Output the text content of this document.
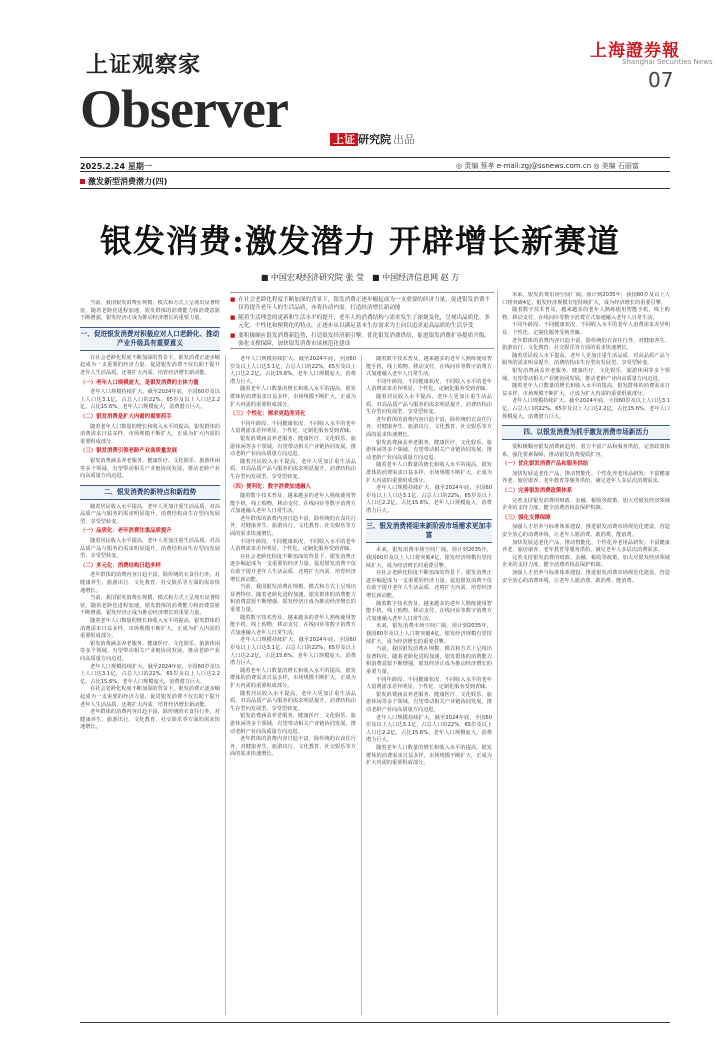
上证观察家
Observer
上证 研究院 出品
上海證券報
Shanghai Securities News
07
2025.2.24 星期一	◎ 责编 蔡孝 e-mail:zgj@ssnews.com.cn ◎ 美编 石丽富
激发新型消费潜力(四)
银发消费:激发潜力 开辟增长新赛道
■ 中国宏观经济研究院 张 莹　■ 中国经济信息网 赵 方
■ 在社会老龄化程度不断加深的背景下，银发消费正逐步崛起成为一支重要的经济力量，促进银发消费不仅将提升老年人的生活品质，亦将拉动内需，打造经济增长新动能
■ 随着生活理念的更新和生活水平的提升，老年人的消费结构与需求发生了深刻变化，呈现出品质化、多元化、个性化和便利化的特点，正逐步从以满足基本生存需求为主向以追求更高品质的生活享受
■ 要积极顺应银发消费新趋势，打造银发经济新引擎。优化银发消费供给，促进银发消费扩容提质升级。强化支撑保障，加快银发消费市场规范化建设

当前，我国银发消费在规模、模式和方式上呈现出显著特征。随着老龄化进程加速，银发群体的消费能力和消费意愿不断增强，银发经济正成为推动经济增长的重要力量。

一、促进银发消费对积极应对人口老龄化、推动产业升级具有重要意义

在社会老龄化程度不断加深的背景下，银发消费正逐步崛起成为一支重要的经济力量。促进银发消费不仅有助于提升老年人生活品质，还将扩大内需、培育经济增长新动能。

（一）老年人口规模庞大，是银发消费的主体力量

老年人口规模持续扩大。截至2024年底，全国60岁及以上人口达3.1亿，占总人口的22%，65岁及以上人口达2.2亿，占比15.6%，老年人口规模庞大，消费潜力巨大。

（二）银发消费是扩大内需的重要抓手

随着老年人口数量的增长和收入水平的提高，银发群体的消费需求日益多样，市场规模不断扩大，正成为扩大内需的重要组成部分。

（三）银发消费引领老龄产业高质量发展

银发消费涵盖养老服务、健康医疗、文化娱乐、旅游休闲等多个领域，有望带动相关产业链协同发展，推动老龄产业向高质量方向迈进。

二、银发消费的新特点和新趋势

随着居民收入水平提高，老年人更加注重生活品质，对高品质产品与服务的需求明显提升，消费结构由生存型向发展型、享受型转变。

（一）品质化：老年消费注重品质提升

随着居民收入水平提高，老年人更加注重生活品质，对高品质产品与服务的需求明显提升，消费结构由生存型向发展型、享受型转变。

（二）多元化：消费结构日趋多样

老年群体的消费内容日趋丰富，除传统的衣食住行外，对健康养生、旅游出行、文化教育、社交娱乐等方面的需求快速增长。

当前，我国银发消费在规模、模式和方式上呈现出显著特征。随着老龄化进程加速，银发群体的消费能力和消费意愿不断增强，银发经济正成为推动经济增长的重要力量。

随着老年人口数量的增长和收入水平的提高，银发群体的消费需求日益多样，市场规模不断扩大，正成为扩大内需的重要组成部分。

银发消费涵盖养老服务、健康医疗、文化娱乐、旅游休闲等多个领域，有望带动相关产业链协同发展，推动老龄产业向高质量方向迈进。

老年人口规模持续扩大。截至2024年底，全国60岁及以上人口达3.1亿，占总人口的22%，65岁及以上人口达2.2亿，占比15.6%，老年人口规模庞大，消费潜力巨大。

在社会老龄化程度不断加深的背景下，银发消费正逐步崛起成为一支重要的经济力量。促进银发消费不仅有助于提升老年人生活品质，还将扩大内需、培育经济增长新动能。

老年群体的消费内容日趋丰富，除传统的衣食住行外，对健康养生、旅游出行、文化教育、社交娱乐等方面的需求快速增长。

老年人口规模持续扩大。截至2024年底，全国60岁及以上人口达3.1亿，占总人口的22%，65岁及以上人口达2.2亿，占比15.6%，老年人口规模庞大，消费潜力巨大。

随着老年人口数量的增长和收入水平的提高，银发群体的消费需求日益多样，市场规模不断扩大，正成为扩大内需的重要组成部分。

（三）个性化：需求更趋差异化

不同年龄段、不同健康状况、不同收入水平的老年人消费需求差异明显，个性化、定制化服务受到青睐。

银发消费涵盖养老服务、健康医疗、文化娱乐、旅游休闲等多个领域，有望带动相关产业链协同发展，推动老龄产业向高质量方向迈进。

随着居民收入水平提高，老年人更加注重生活品质，对高品质产品与服务的需求明显提升，消费结构由生存型向发展型、享受型转变。

（四）便利化：数字消费加速融入

随着数字技术普及，越来越多的老年人熟练使用智能手机，线上购物、移动支付、在线问诊等数字消费方式加速融入老年人日常生活。

老年群体的消费内容日趋丰富，除传统的衣食住行外，对健康养生、旅游出行、文化教育、社交娱乐等方面的需求快速增长。

不同年龄段、不同健康状况、不同收入水平的老年人消费需求差异明显，个性化、定制化服务受到青睐。

在社会老龄化程度不断加深的背景下，银发消费正逐步崛起成为一支重要的经济力量。促进银发消费不仅有助于提升老年人生活品质，还将扩大内需、培育经济增长新动能。

当前，我国银发消费在规模、模式和方式上呈现出显著特征。随着老龄化进程加速，银发群体的消费能力和消费意愿不断增强，银发经济正成为推动经济增长的重要力量。

随着数字技术普及，越来越多的老年人熟练使用智能手机，线上购物、移动支付、在线问诊等数字消费方式加速融入老年人日常生活。

老年人口规模持续扩大。截至2024年底，全国60岁及以上人口达3.1亿，占总人口的22%，65岁及以上人口达2.2亿，占比15.6%，老年人口规模庞大，消费潜力巨大。

随着老年人口数量的增长和收入水平的提高，银发群体的消费需求日益多样，市场规模不断扩大，正成为扩大内需的重要组成部分。

随着居民收入水平提高，老年人更加注重生活品质，对高品质产品与服务的需求明显提升，消费结构由生存型向发展型、享受型转变。

银发消费涵盖养老服务、健康医疗、文化娱乐、旅游休闲等多个领域，有望带动相关产业链协同发展，推动老龄产业向高质量方向迈进。

老年群体的消费内容日趋丰富，除传统的衣食住行外，对健康养生、旅游出行、文化教育、社交娱乐等方面的需求快速增长。

随着数字技术普及，越来越多的老年人熟练使用智能手机，线上购物、移动支付、在线问诊等数字消费方式加速融入老年人日常生活。

不同年龄段、不同健康状况、不同收入水平的老年人消费需求差异明显，个性化、定制化服务受到青睐。

随着居民收入水平提高，老年人更加注重生活品质，对高品质产品与服务的需求明显提升，消费结构由生存型向发展型、享受型转变。

老年群体的消费内容日趋丰富，除传统的衣食住行外，对健康养生、旅游出行、文化教育、社交娱乐等方面的需求快速增长。

银发消费涵盖养老服务、健康医疗、文化娱乐、旅游休闲等多个领域，有望带动相关产业链协同发展，推动老龄产业向高质量方向迈进。

随着老年人口数量的增长和收入水平的提高，银发群体的消费需求日益多样，市场规模不断扩大，正成为扩大内需的重要组成部分。

老年人口规模持续扩大。截至2024年底，全国60岁及以上人口达3.1亿，占总人口的22%，65岁及以上人口达2.2亿，占比15.6%，老年人口规模庞大，消费潜力巨大。

三、银发消费将迎来新阶段市场需求更加丰富

未来，银发消费市场空间广阔。预计到2035年，我国60岁及以上人口将突破4亿，银发经济规模有望持续扩大，成为经济增长的重要引擎。

在社会老龄化程度不断加深的背景下，银发消费正逐步崛起成为一支重要的经济力量。促进银发消费不仅有助于提升老年人生活品质，还将扩大内需、培育经济增长新动能。

随着数字技术普及，越来越多的老年人熟练使用智能手机，线上购物、移动支付、在线问诊等数字消费方式加速融入老年人日常生活。

未来，银发消费市场空间广阔。预计到2035年，我国60岁及以上人口将突破4亿，银发经济规模有望持续扩大，成为经济增长的重要引擎。

当前，我国银发消费在规模、模式和方式上呈现出显著特征。随着老龄化进程加速，银发群体的消费能力和消费意愿不断增强，银发经济正成为推动经济增长的重要力量。

不同年龄段、不同健康状况、不同收入水平的老年人消费需求差异明显，个性化、定制化服务受到青睐。

银发消费涵盖养老服务、健康医疗、文化娱乐、旅游休闲等多个领域，有望带动相关产业链协同发展，推动老龄产业向高质量方向迈进。

老年人口规模持续扩大。截至2024年底，全国60岁及以上人口达3.1亿，占总人口的22%，65岁及以上人口达2.2亿，占比15.6%，老年人口规模庞大，消费潜力巨大。

随着老年人口数量的增长和收入水平的提高，银发群体的消费需求日益多样，市场规模不断扩大，正成为扩大内需的重要组成部分。

未来，银发消费市场空间广阔。预计到2035年，我国60岁及以上人口将突破4亿，银发经济规模有望持续扩大，成为经济增长的重要引擎。

随着数字技术普及，越来越多的老年人熟练使用智能手机，线上购物、移动支付、在线问诊等数字消费方式加速融入老年人日常生活。

不同年龄段、不同健康状况、不同收入水平的老年人消费需求差异明显，个性化、定制化服务受到青睐。

老年群体的消费内容日趋丰富，除传统的衣食住行外，对健康养生、旅游出行、文化教育、社交娱乐等方面的需求快速增长。

随着居民收入水平提高，老年人更加注重生活品质，对高品质产品与服务的需求明显提升，消费结构由生存型向发展型、享受型转变。

银发消费涵盖养老服务、健康医疗、文化娱乐、旅游休闲等多个领域，有望带动相关产业链协同发展，推动老龄产业向高质量方向迈进。

随着老年人口数量的增长和收入水平的提高，银发群体的消费需求日益多样，市场规模不断扩大，正成为扩大内需的重要组成部分。

老年人口规模持续扩大。截至2024年底，全国60岁及以上人口达3.1亿，占总人口的22%，65岁及以上人口达2.2亿，占比15.6%，老年人口规模庞大，消费潜力巨大。

四、以银发消费为抓手激发消费市场新活力

要积极顺应银发消费新趋势，着力丰富产品和服务供给，完善政策体系，强化要素保障，推动银发消费提质扩容。

（一）优化银发消费产品和服务供给

加快发展适老化产品，推动智能化、个性化养老用品研发；丰富健康养老、旅居康养、老年教育等服务供给，满足老年人多层次消费需求。

（二）完善银发消费政策体系

完善支持银发消费的财政、金融、税收等政策，加大对银发经济领域企业的支持力度，健全消费者权益保护机制。

（三）强化支撑保障

加强人才培养与标准体系建设，推进银发消费市场规范化建设，营造安全放心的消费环境，让老年人愿消费、敢消费、能消费。

加快发展适老化产品，推动智能化、个性化养老用品研发；丰富健康养老、旅居康养、老年教育等服务供给，满足老年人多层次消费需求。

完善支持银发消费的财政、金融、税收等政策，加大对银发经济领域企业的支持力度，健全消费者权益保护机制。

加强人才培养与标准体系建设，推进银发消费市场规范化建设，营造安全放心的消费环境，让老年人愿消费、敢消费、能消费。
